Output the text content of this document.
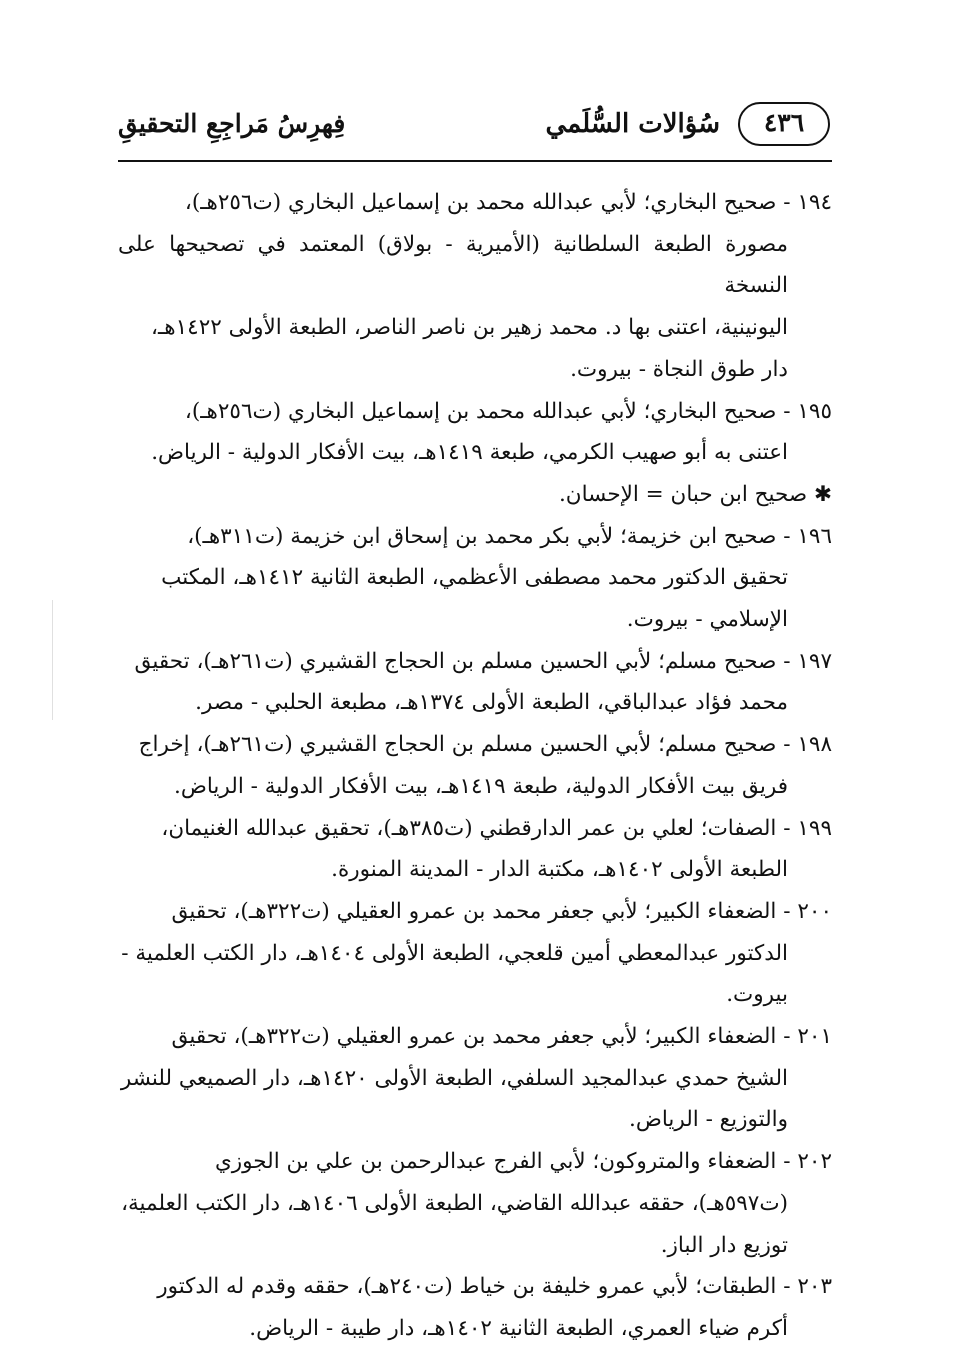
٤٣٦
سُؤالات السُّلَمي
فِهرِسُ مَراجِعِ التحقيقِ
١٩٤ - صحيح البخاري؛ لأبي عبدالله محمد بن إسماعيل البخاري (ت٢٥٦هـ)،
مصورة الطبعة السلطانية (الأميرية - بولاق) المعتمد في تصحيحها على النسخة
اليونينية، اعتنى بها د. محمد زهير بن ناصر الناصر، الطبعة الأولى ١٤٢٢هـ،
دار طوق النجاة - بيروت.
١٩٥ - صحيح البخاري؛ لأبي عبدالله محمد بن إسماعيل البخاري (ت٢٥٦هـ)،
اعتنى به أبو صهيب الكرمي، طبعة ١٤١٩هـ، بيت الأفكار الدولية - الرياض.
✱ صحيح ابن حبان = الإحسان.
١٩٦ - صحيح ابن خزيمة؛ لأبي بكر محمد بن إسحاق ابن خزيمة (ت٣١١هـ)،
تحقيق الدكتور محمد مصطفى الأعظمي، الطبعة الثانية ١٤١٢هـ، المكتب
الإسلامي - بيروت.
١٩٧ - صحيح مسلم؛ لأبي الحسين مسلم بن الحجاج القشيري (ت٢٦١هـ)، تحقيق
محمد فؤاد عبدالباقي، الطبعة الأولى ١٣٧٤هـ، مطبعة الحلبي - مصر.
١٩٨ - صحيح مسلم؛ لأبي الحسين مسلم بن الحجاج القشيري (ت٢٦١هـ)، إخراج
فريق بيت الأفكار الدولية، طبعة ١٤١٩هـ، بيت الأفكار الدولية - الرياض.
١٩٩ - الصفات؛ لعلي بن عمر الدارقطني (ت٣٨٥هـ)، تحقيق عبدالله الغنيمان،
الطبعة الأولى ١٤٠٢هـ، مكتبة الدار - المدينة المنورة.
٢٠٠ - الضعفاء الكبير؛ لأبي جعفر محمد بن عمرو العقيلي (ت٣٢٢هـ)، تحقيق
الدكتور عبدالمعطي أمين قلعجي، الطبعة الأولى ١٤٠٤هـ، دار الكتب العلمية -
بيروت.
٢٠١ - الضعفاء الكبير؛ لأبي جعفر محمد بن عمرو العقيلي (ت٣٢٢هـ)، تحقيق
الشيخ حمدي عبدالمجيد السلفي، الطبعة الأولى ١٤٢٠هـ، دار الصميعي للنشر
والتوزيع - الرياض.
٢٠٢ - الضعفاء والمتروكون؛ لأبي الفرج عبدالرحمن بن علي بن الجوزي
(ت٥٩٧هـ)، حققه عبدالله القاضي، الطبعة الأولى ١٤٠٦هـ، دار الكتب العلمية،
توزيع دار الباز.
٢٠٣ - الطبقات؛ لأبي عمرو خليفة بن خياط (ت٢٤٠هـ)، حققه وقدم له الدكتور
أكرم ضياء العمري، الطبعة الثانية ١٤٠٢هـ، دار طيبة - الرياض.
